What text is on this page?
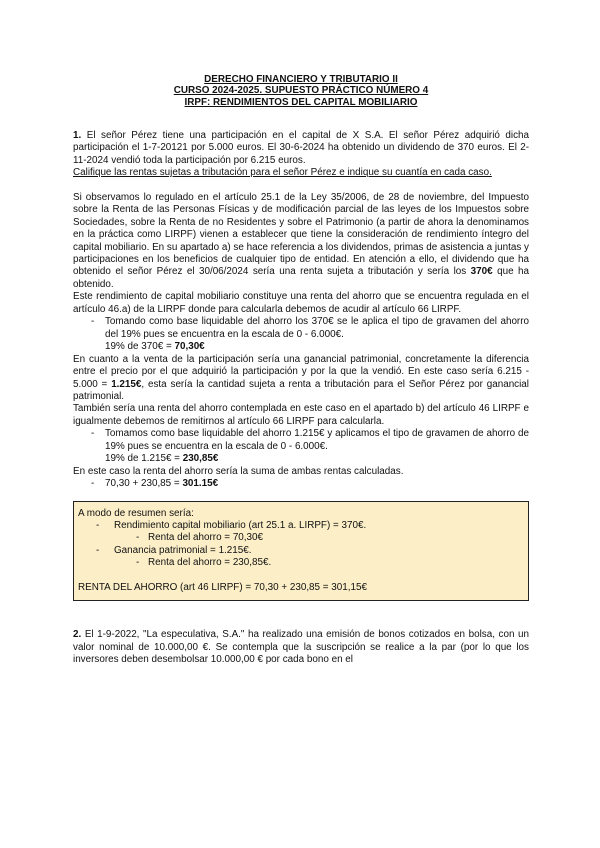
DERECHO FINANCIERO Y TRIBUTARIO II
CURSO 2024-2025. SUPUESTO PRÁCTICO NÚMERO 4
IRPF: RENDIMIENTOS DEL CAPITAL MOBILIARIO

1. El señor Pérez tiene una participación en el capital de X S.A. El señor Pérez adquirió dicha participación el 1-7-20121 por 5.000 euros. El 30-6-2024 ha obtenido un dividendo de 370 euros. El 2-11-2024 vendió toda la participación por 6.215 euros.

Califique las rentas sujetas a tributación para el señor Pérez e indique su cuantía en cada caso.

Si observamos lo regulado en el artículo 25.1 de la Ley 35/2006, de 28 de noviembre, del Impuesto sobre la Renta de las Personas Físicas y de modificación parcial de las leyes de los Impuestos sobre Sociedades, sobre la Renta de no Residentes y sobre el Patrimonio (a partir de ahora la denominamos en la práctica como LIRPF) vienen a establecer que tiene la consideración de rendimiento íntegro del capital mobiliario. En su apartado a) se hace referencia a los dividendos, primas de asistencia a juntas y participaciones en los beneficios de cualquier tipo de entidad. En atención a ello, el dividendo que ha obtenido el señor Pérez el 30/06/2024 sería una renta sujeta a tributación y sería los 370€ que ha obtenido.

Este rendimiento de capital mobiliario constituye una renta del ahorro que se encuentra regulada en el artículo 46.a) de la LIRPF donde para calcularla debemos de acudir al artículo 66 LIRPF.

- Tomando como base liquidable del ahorro los 370€ se le aplica el tipo de gravamen del ahorro del 19% pues se encuentra en la escala de 0 - 6.000€.

19% de 370€ = 70,30€

En cuanto a la venta de la participación sería una ganancial patrimonial, concretamente la diferencia entre el precio por el que adquirió la participación y por la que la vendió. En este caso sería 6.215 - 5.000 = 1.215€, esta sería la cantidad sujeta a renta a tributación para el Señor Pérez por ganancial patrimonial.

También sería una renta del ahorro contemplada en este caso en el apartado b) del artículo 46 LIRPF e igualmente debemos de remitirnos al artículo 66 LIRPF para calcularla.

- Tomamos como base liquidable del ahorro 1.215€ y aplicamos el tipo de gravamen de ahorro de 19% pues se encuentra en la escala de 0 - 6.000€.

19% de 1.215€ = 230,85€

En este caso la renta del ahorro sería la suma de ambas rentas calculadas.

- 70,30 + 230,85 = 301.15€
A modo de resumen sería:
- Rendimiento capital mobiliario (art 25.1 a. LIRPF) = 370€.
- Renta del ahorro = 70,30€
- Ganancia patrimonial = 1.215€.
- Renta del ahorro = 230,85€.
RENTA DEL AHORRO (art 46 LIRPF) = 70,30 + 230,85 = 301,15€

2. El 1-9-2022, "La especulativa, S.A." ha realizado una emisión de bonos cotizados en bolsa, con un valor nominal de 10.000,00 €. Se contempla que la suscripción se realice a la par (por lo que los inversores deben desembolsar 10.000,00 € por cada bono en el
